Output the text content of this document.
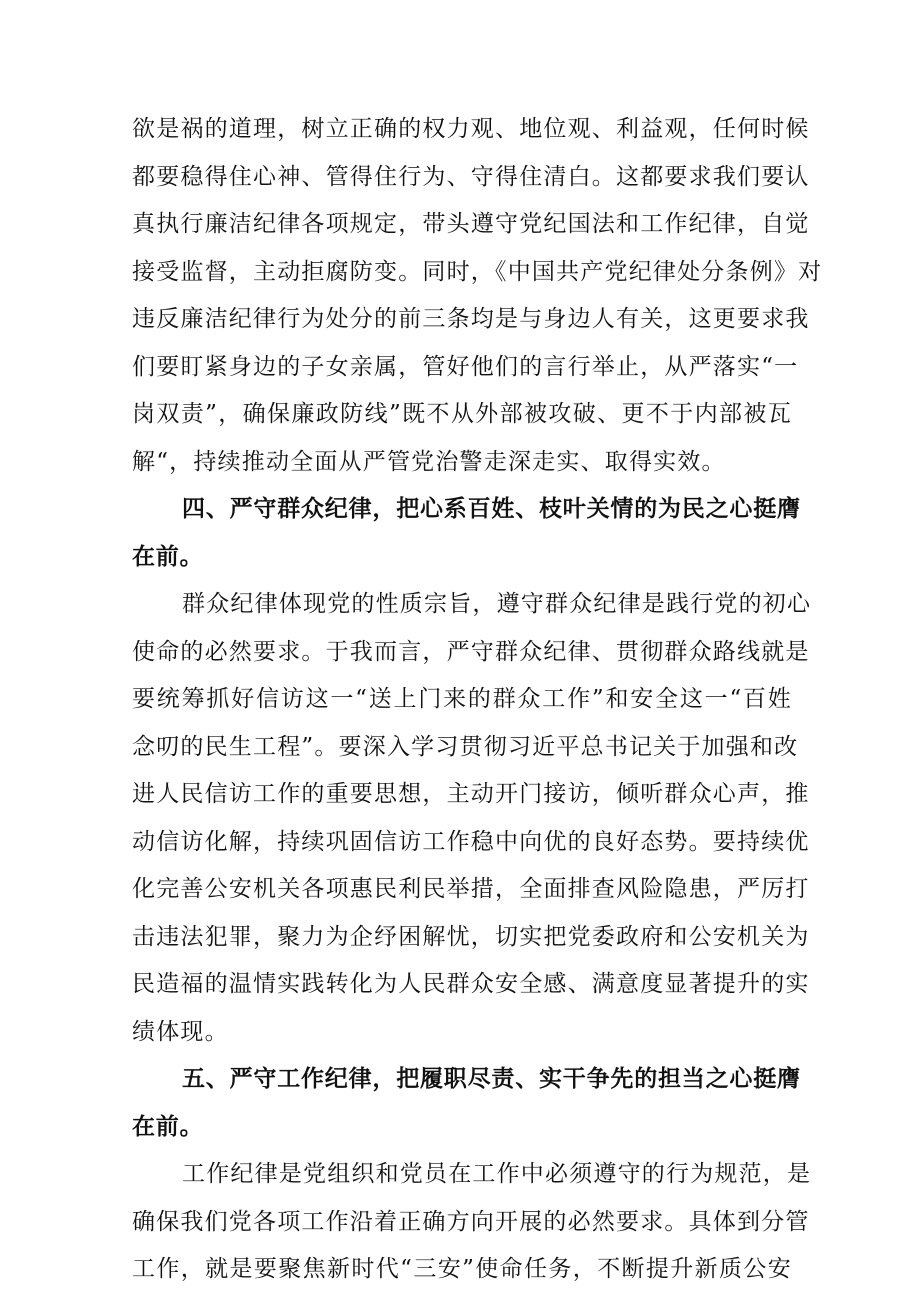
欲是祸的道理，树立正确的权力观、地位观、利益观，任何时候
都要稳得住心神、管得住行为、守得住清白。这都要求我们要认
真执行廉洁纪律各项规定，带头遵守党纪国法和工作纪律，自觉
接受监督，主动拒腐防变。同时，《中国共产党纪律处分条例》对
违反廉洁纪律行为处分的前三条均是与身边人有关，这更要求我
们要盯紧身边的子女亲属，管好他们的言行举止，从严落实“一
岗双责”，确保廉政防线”既不从外部被攻破、更不于内部被瓦
解“，持续推动全面从严管党治警走深走实、取得实效。
四、严守群众纪律，把心系百姓、枝叶关情的为民之心挺膺
在前。
群众纪律体现党的性质宗旨，遵守群众纪律是践行党的初心
使命的必然要求。于我而言，严守群众纪律、贯彻群众路线就是
要统筹抓好信访这一“送上门来的群众工作”和安全这一“百姓
念叨的民生工程”。要深入学习贯彻习近平总书记关于加强和改
进人民信访工作的重要思想，主动开门接访，倾听群众心声，推
动信访化解，持续巩固信访工作稳中向优的良好态势。要持续优
化完善公安机关各项惠民利民举措，全面排查风险隐患，严厉打
击违法犯罪，聚力为企纾困解忧，切实把党委政府和公安机关为
民造福的温情实践转化为人民群众安全感、满意度显著提升的实
绩体现。
五、严守工作纪律，把履职尽责、实干争先的担当之心挺膺
在前。
工作纪律是党组织和党员在工作中必须遵守的行为规范，是
确保我们党各项工作沿着正确方向开展的必然要求。具体到分管
工作，就是要聚焦新时代“三安”使命任务，不断提升新质公安
